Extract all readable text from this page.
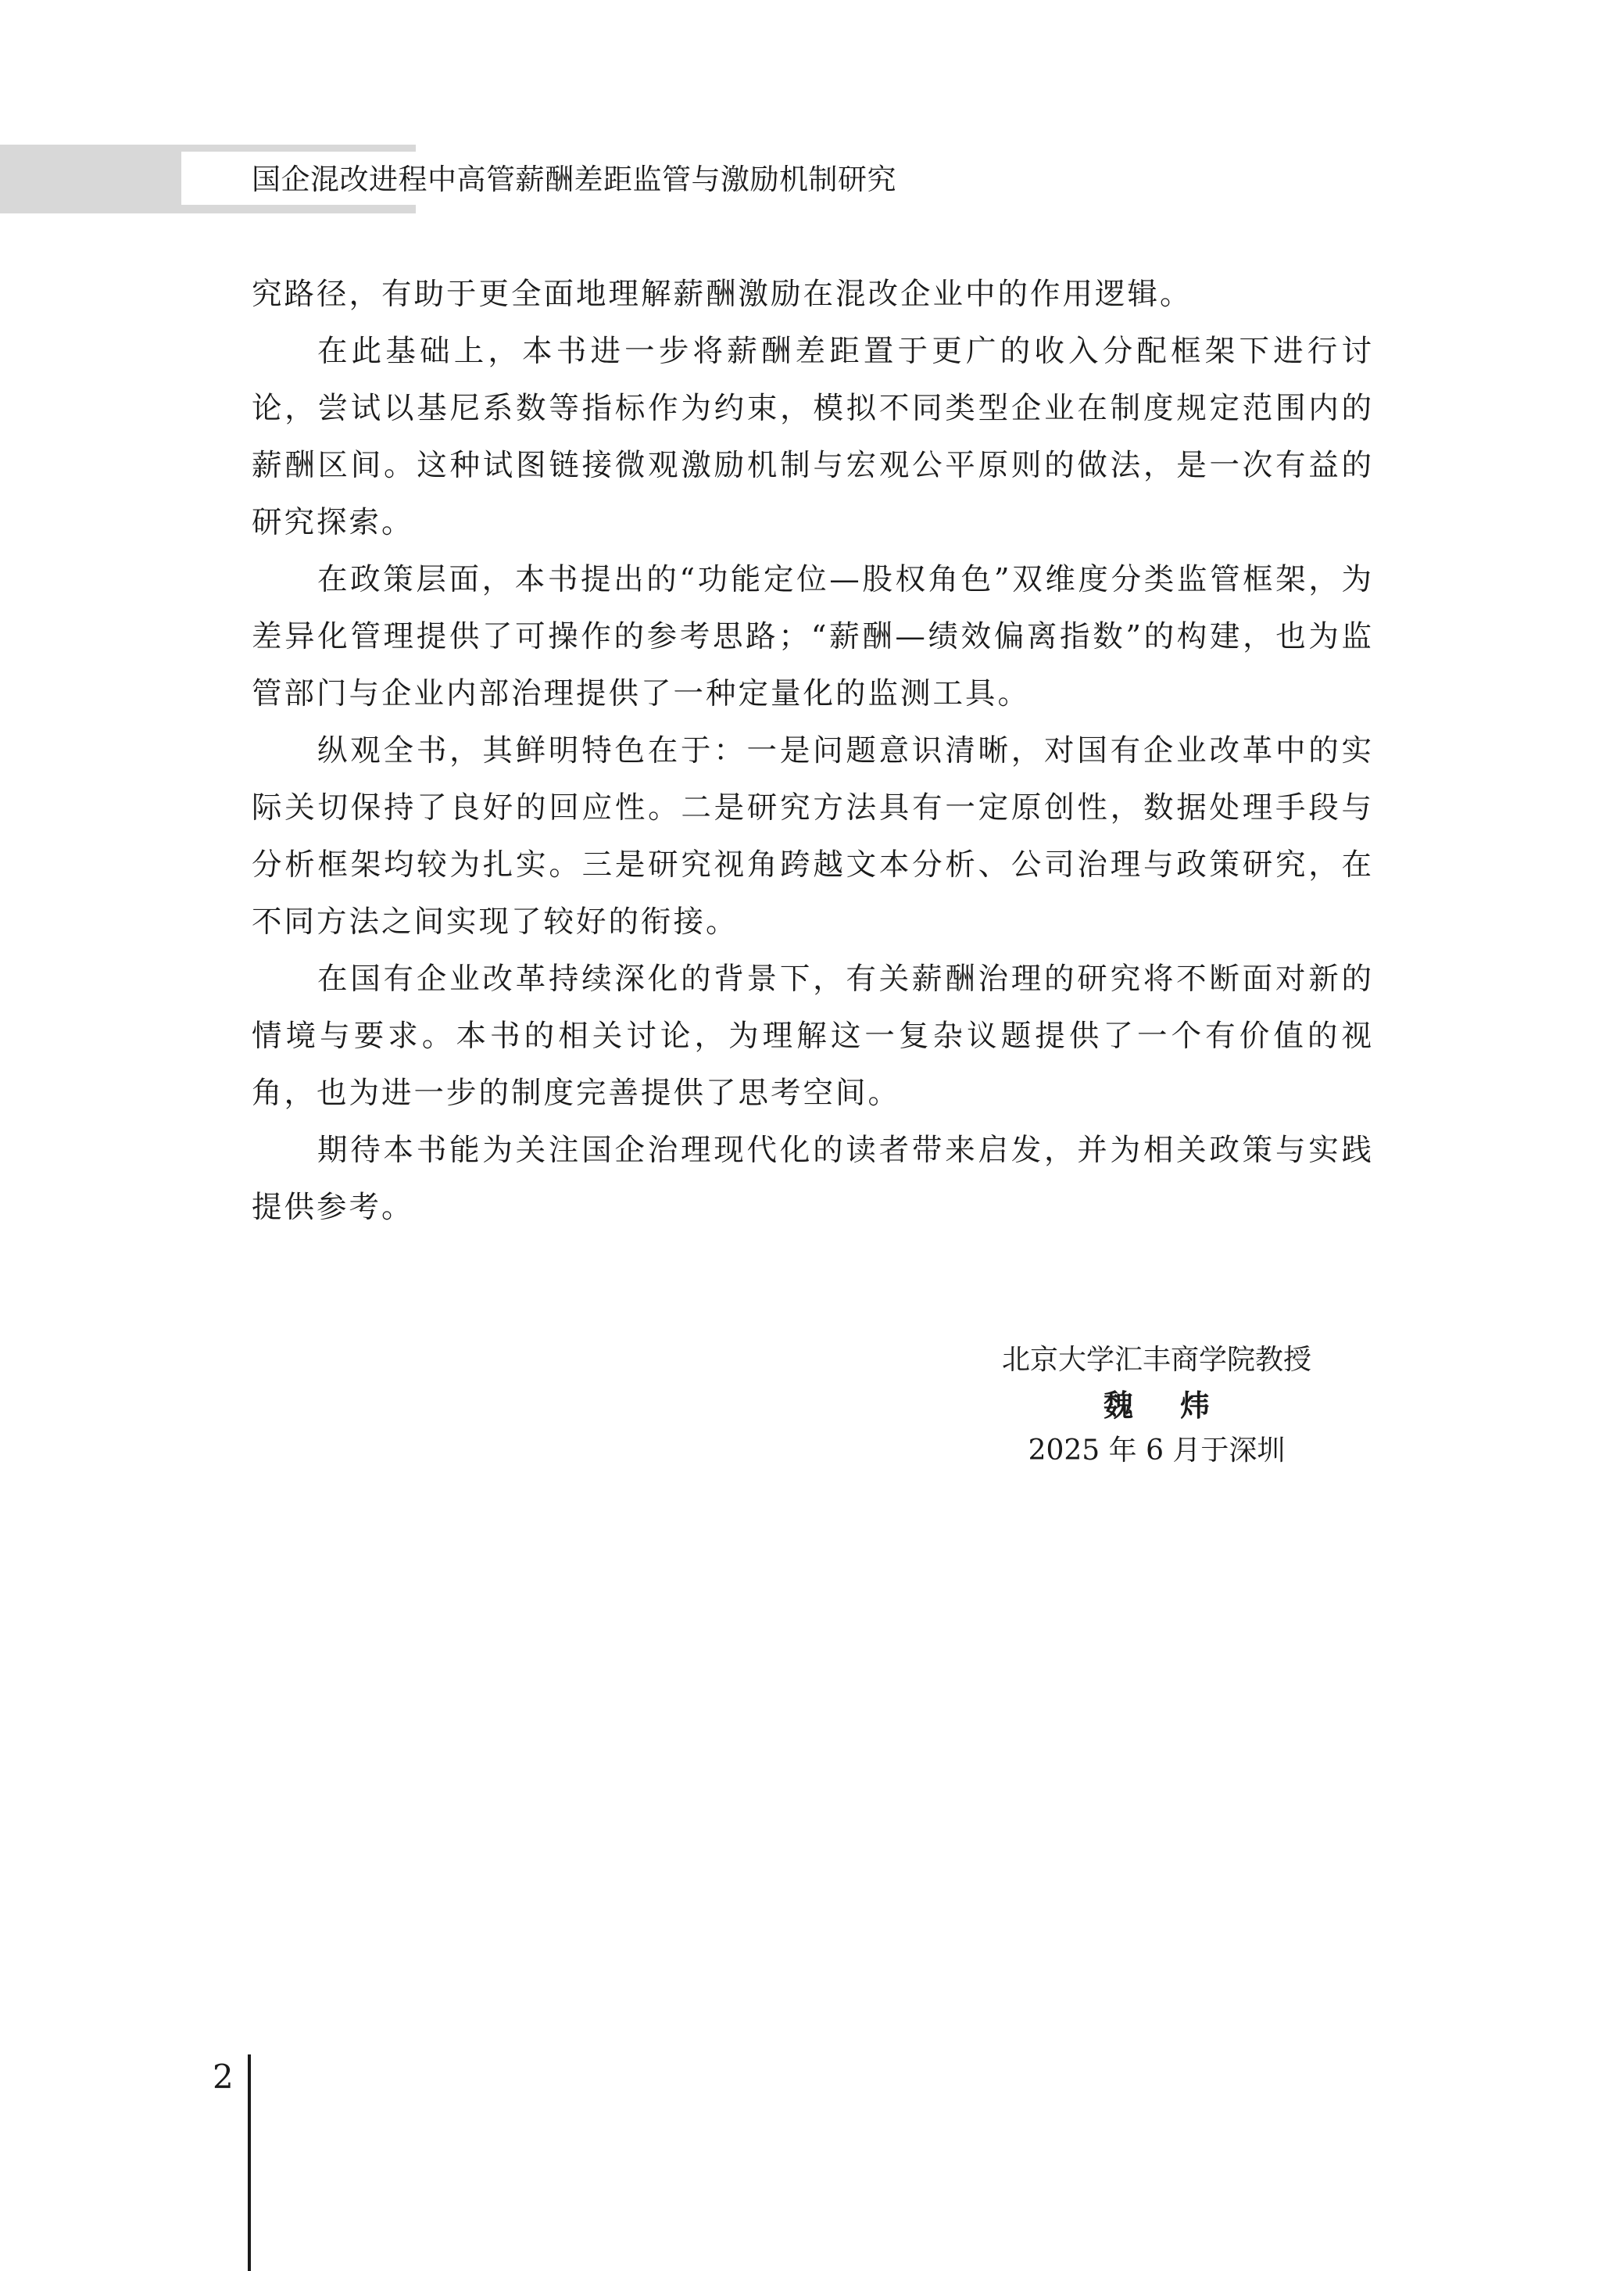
国企混改进程中高管薪酬差距监管与激励机制研究

究路径，有助于更全面地理解薪酬激励在混改企业中的作用逻辑。

在此基础上，本书进一步将薪酬差距置于更广的收入分配框架下进行讨论，尝试以基尼系数等指标作为约束，模拟不同类型企业在制度规定范围内的薪酬区间。这种试图链接微观激励机制与宏观公平原则的做法，是一次有益的研究探索。

在政策层面，本书提出的“功能定位—股权角色”双维度分类监管框架，为差异化管理提供了可操作的参考思路；“薪酬—绩效偏离指数”的构建，也为监管部门与企业内部治理提供了一种定量化的监测工具。

纵观全书，其鲜明特色在于：一是问题意识清晰，对国有企业改革中的实际关切保持了良好的回应性。二是研究方法具有一定原创性，数据处理手段与分析框架均较为扎实。三是研究视角跨越文本分析、公司治理与政策研究，在不同方法之间实现了较好的衔接。

在国有企业改革持续深化的背景下，有关薪酬治理的研究将不断面对新的情境与要求。本书的相关讨论，为理解这一复杂议题提供了一个有价值的视角，也为进一步的制度完善提供了思考空间。

期待本书能为关注国企治理现代化的读者带来启发，并为相关政策与实践提供参考。

北京大学汇丰商学院教授
魏炜
2025 年 6 月于深圳
2
